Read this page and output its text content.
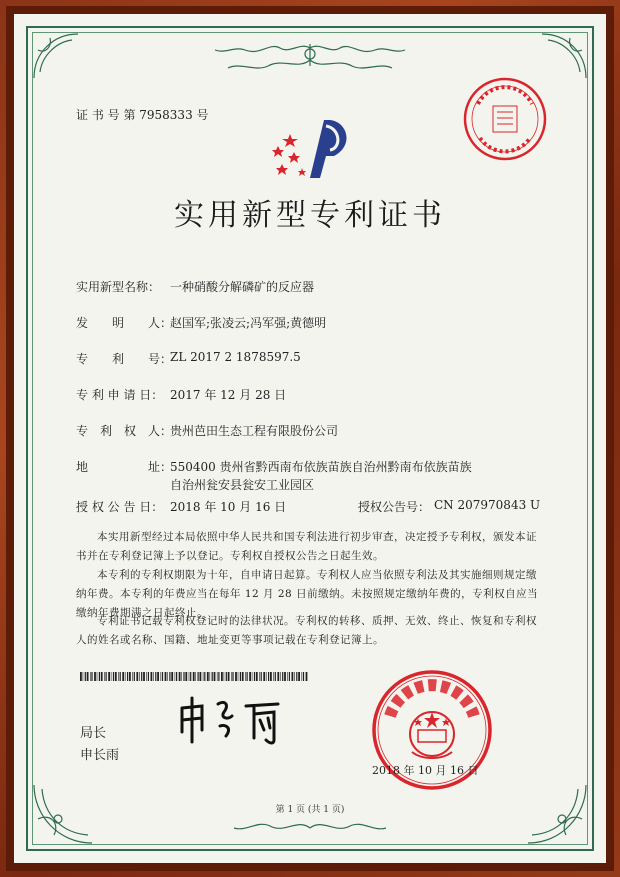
证 书 号 第 7958333 号
实用新型专利证书
实用新型名称： 一种硝酸分解磷矿的反应器
发　　明　　人：
赵国军;张凌云;冯军强;黄德明
专　　利　　号：
ZL 2017 2 1878597.5
专 利 申 请 日： 2017 年 12 月 28 日
专　利　权　人：
贵州芭田生态工程有限股份公司
地　　　　　址：
550400 贵州省黔西南布依族苗族自治州黔南布依族苗族
自治州瓮安县瓮安工业园区
授 权 公 告 日： 2018 年 10 月 16 日	授权公告号： CN 207970843 U
本实用新型经过本局依照中华人民共和国专利法进行初步审查，决定授予专利权，颁发本证书并在专利登记簿上予以登记。专利权自授权公告之日起生效。
本专利的专利权期限为十年，自申请日起算。专利权人应当依照专利法及其实施细则规定缴纳年费。本专利的年费应当在每年 12 月 28 日前缴纳。未按照规定缴纳年费的，专利权自应当缴纳年费期满之日起终止。
专利证书记载专利权登记时的法律状况。专利权的转移、质押、无效、终止、恢复和专利权人的姓名或名称、国籍、地址变更等事项记载在专利登记簿上。
局长
申长雨
2018 年 10 月 16 日
第 1 页 (共 1 页)
